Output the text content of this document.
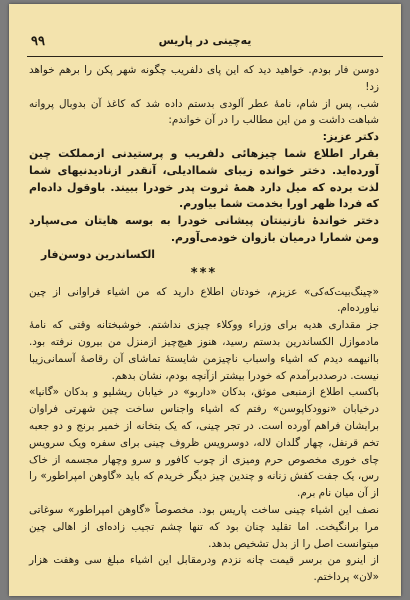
۹۹	یه‌چینی در پاریس

دوسن فار بودم. خواهید دید که این پای دلفریب چگونه شهر پکن را برهم خواهد زد!

شب، پس از شام، نامهٔ عطر آلودی بدستم داده شد که کاغذ آن بدوبال پروانه شباهت داشت و من این مطالب را در آن خواندم:

دکتر عزیز:

بقرار اطلاع شما چیزهائی دلفریب و پرستیدنی ازمملکت چین آورده‌اید. دختر خوانده زیبای شماادیلی، آنقدر ازنادیدنیهای شما لذت برده که میل دارد همهٔ ثروت پدر خودرا ببیند. باوقول داده‌ام که فردا ظهر اورا بخدمت شما بیاورم.

دختر خواندهٔ نازنینتان پیشانی خودرا به بوسه هایتان می‌سپارد ومن شمارا درمیان بازوان خودمی‌آورم.

الکساندرین دوسن‌فار

***

«چینگ‌بیت‌که‌کی» عزیزم، خودتان اطلاع دارید که من اشیاء فراوانی از چین نیاورده‌ام.

جز مقداری هدیه برای وزراء ووکلاء چیزی نداشتم. خوشبختانه وقتی که نامهٔ مادموازل الکساندرین بدستم رسید، هنوز هیچ‌چیز ازمنزل من بیرون نرفته بود. باانیهمه دیدم که اشیاء واسباب ناچیزمن شایستهٔ تماشای آن رقاصهٔ آسمانی‌زیبا نیست. درصددبرآمدم که خودرا بیشتر ازآنچه بودم، نشان بدهم.

باکسب اطلاع ازمنبعی موثق، بدکان «داربو» در خیابان ریشلیو و بدکان «گانیا» درخیابان «نوودکاپوسن» رفتم که اشیاء واجناس ساخت چین شهرتی فراوان برایشان فراهم آورده است. در تجر چینی، که یک بتخانه از خمیر برنج و دو جعبه تخم قرنفل، چهار گلدان لاله، دوسرویس ظروف چینی برای سفره ویک سرویس چای خوری مخصوص حرم ومیزی از چوب کافور و سرو وچهار مجسمه از خاک رس، یک جفت کفش زنانه و چندین چیز دیگر خریدم که باید «گاوهن امپراطور» را از آن میان نام برم.

نصف این اشیاء چینی ساخت پاریس بود. مخصوصاً «گاوهن امپراطور» سوغاتی مرا برانگیخت. اما تقلید چنان بود که تنها چشم تجیب زاده‌ای از اهالی چین میتوانست اصل را از بدل تشخیص بدهد.

از اینرو من برسر قیمت چانه نزدم ودرمقابل این اشیاء مبلغ سی وهفت هزار «لان» پرداختم.
